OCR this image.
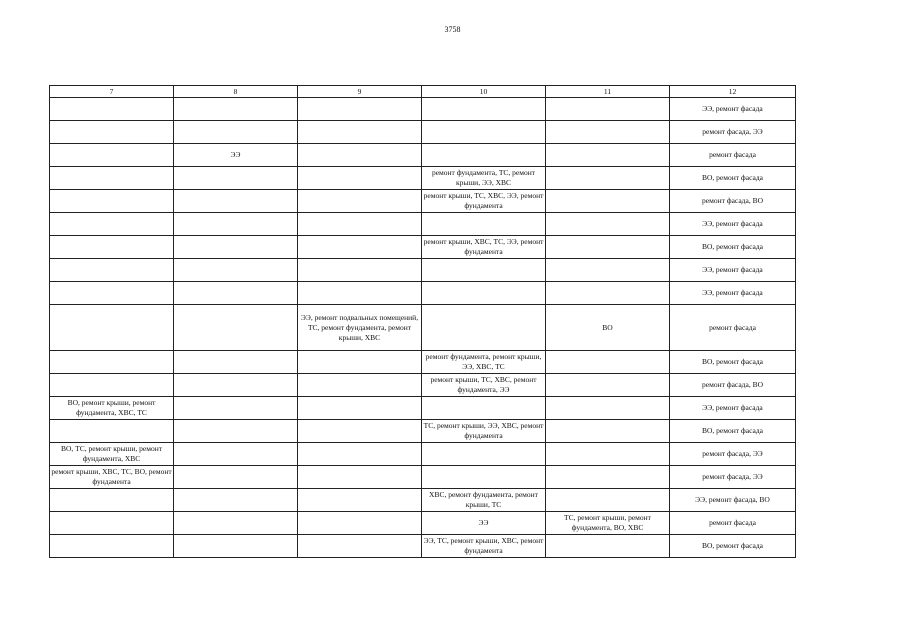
3758
7	8	9	10	11	12
					ЭЭ, ремонт фасада
					ремонт фасада, ЭЭ
	ЭЭ				ремонт фасада
			ремонт фундамента, ТС, ремонт крыши, ЭЭ, ХВС		ВО, ремонт фасада
			ремонт крыши, ТС, ХВС, ЭЭ, ремонт фундамента		ремонт фасада, ВО
					ЭЭ, ремонт фасада
			ремонт крыши, ХВС, ТС, ЭЭ, ремонт фундамента		ВО, ремонт фасада
					ЭЭ, ремонт фасада
					ЭЭ, ремонт фасада
		ЭЭ, ремонт подвальных помещений, ТС, ремонт фундамента, ремонт крыши, ХВС		ВО	ремонт фасада
			ремонт фундамента, ремонт крыши, ЭЭ, ХВС, ТС		ВО, ремонт фасада
			ремонт крыши, ТС, ХВС, ремонт фундамента, ЭЭ		ремонт фасада, ВО
ВО, ремонт крыши, ремонт фундамента, ХВС, ТС					ЭЭ, ремонт фасада
			ТС, ремонт крыши, ЭЭ, ХВС, ремонт фундамента		ВО, ремонт фасада
ВО, ТС, ремонт крыши, ремонт фундамента, ХВС					ремонт фасада, ЭЭ
ремонт крыши, ХВС, ТС, ВО, ремонт фундамента					ремонт фасада, ЭЭ
			ХВС, ремонт фундамента, ремонт крыши, ТС		ЭЭ, ремонт фасада, ВО
			ЭЭ	ТС, ремонт крыши, ремонт фундамента, ВО, ХВС	ремонт фасада
			ЭЭ, ТС, ремонт крыши, ХВС, ремонт фундамента		ВО, ремонт фасада
